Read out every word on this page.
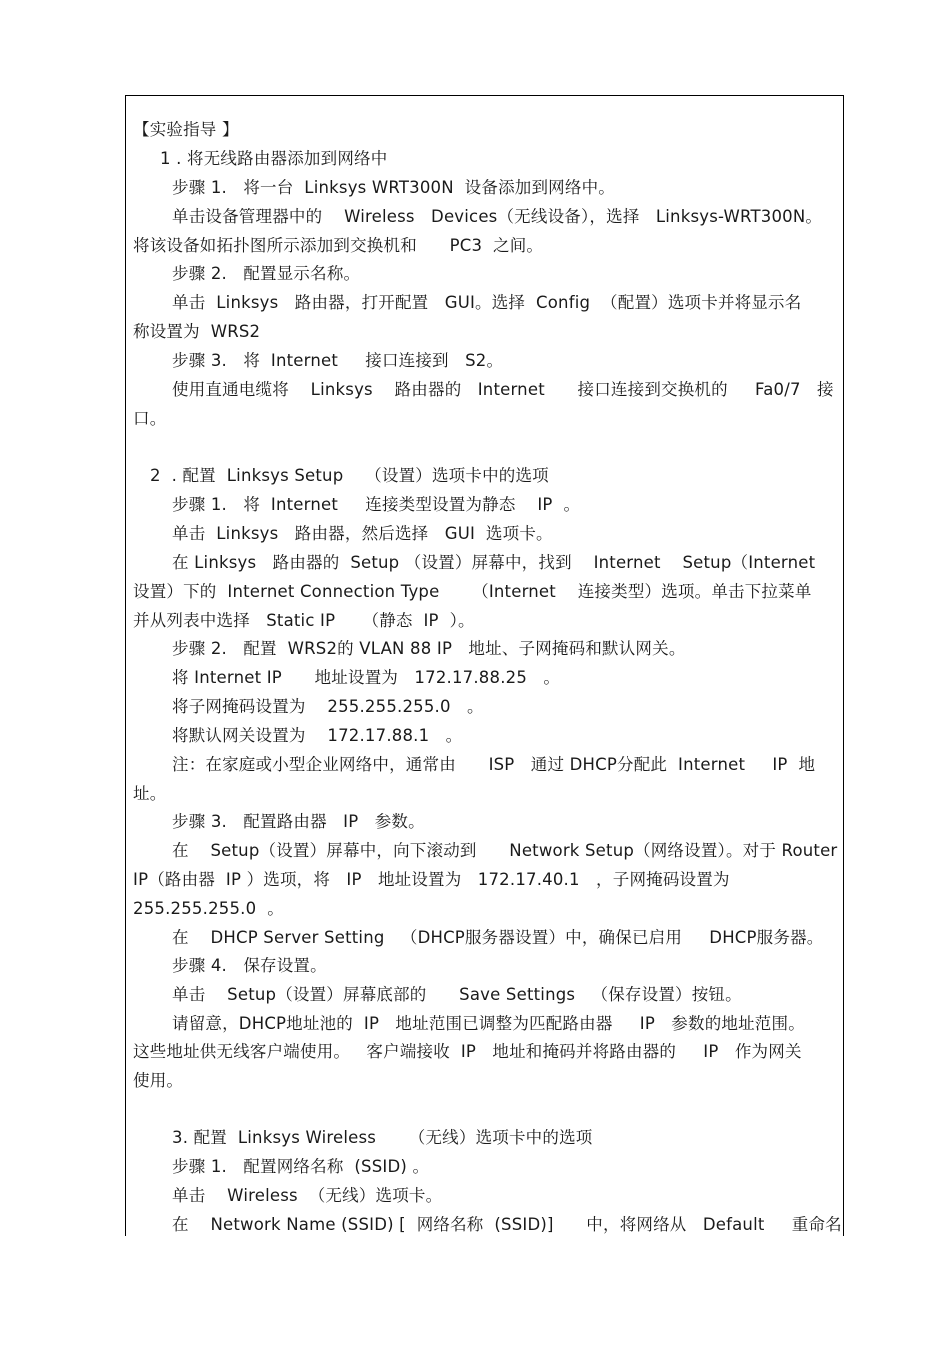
【实验指导 】
1 . 将无线路由器添加到网络中
步骤 1.   将一台  Linksys WRT300N  设备添加到网络中。
单击设备管理器中的    Wireless   Devices（无线设备），选择   Linksys-WRT300N。
将该设备如拓扑图所示添加到交换机和      PC3  之间。
步骤 2.   配置显示名称。
单击  Linksys   路由器，打开配置   GUI。选择  Config  （配置）选项卡并将显示名
称设置为  WRS2
步骤 3.   将  Internet     接口连接到   S2。
使用直通电缆将    Linksys    路由器的   Internet      接口连接到交换机的     Fa0/7   接
口。
2  . 配置  Linksys Setup    （设置）选项卡中的选项
步骤 1.   将  Internet     连接类型设置为静态    IP  。
单击  Linksys   路由器，然后选择   GUI  选项卡。
在 Linksys   路由器的  Setup （设置）屏幕中，找到    Internet    Setup（Internet
设置）下的  Internet Connection Type      （Internet    连接类型）选项。单击下拉菜单
并从列表中选择   Static IP     （静态  IP  ）。
步骤 2.   配置  WRS2的 VLAN 88 IP   地址、子网掩码和默认网关。
将 Internet IP      地址设置为   172.17.88.25   。
将子网掩码设置为    255.255.255.0   。
将默认网关设置为    172.17.88.1   。
注：在家庭或小型企业网络中，通常由      ISP   通过 DHCP分配此  Internet     IP  地
址。
步骤 3.   配置路由器   IP   参数。
在    Setup（设置）屏幕中，向下滚动到      Network Setup（网络设置）。对于 Router
IP（路由器  IP ）选项，将   IP   地址设置为   172.17.40.1   ，子网掩码设置为
255.255.255.0  。
在    DHCP Server Setting   （DHCP服务器设置）中，确保已启用     DHCP服务器。
步骤 4.   保存设置。
单击    Setup（设置）屏幕底部的      Save Settings   （保存设置）按钮。
请留意，DHCP地址池的  IP   地址范围已调整为匹配路由器     IP   参数的地址范围。
这些地址供无线客户端使用。   客户端接收  IP   地址和掩码并将路由器的     IP   作为网关
使用。
3. 配置  Linksys Wireless      （无线）选项卡中的选项
步骤 1.   配置网络名称  (SSID) 。
单击    Wireless  （无线）选项卡。
在    Network Name (SSID) [  网络名称  (SSID)]      中，将网络从   Default     重命名
